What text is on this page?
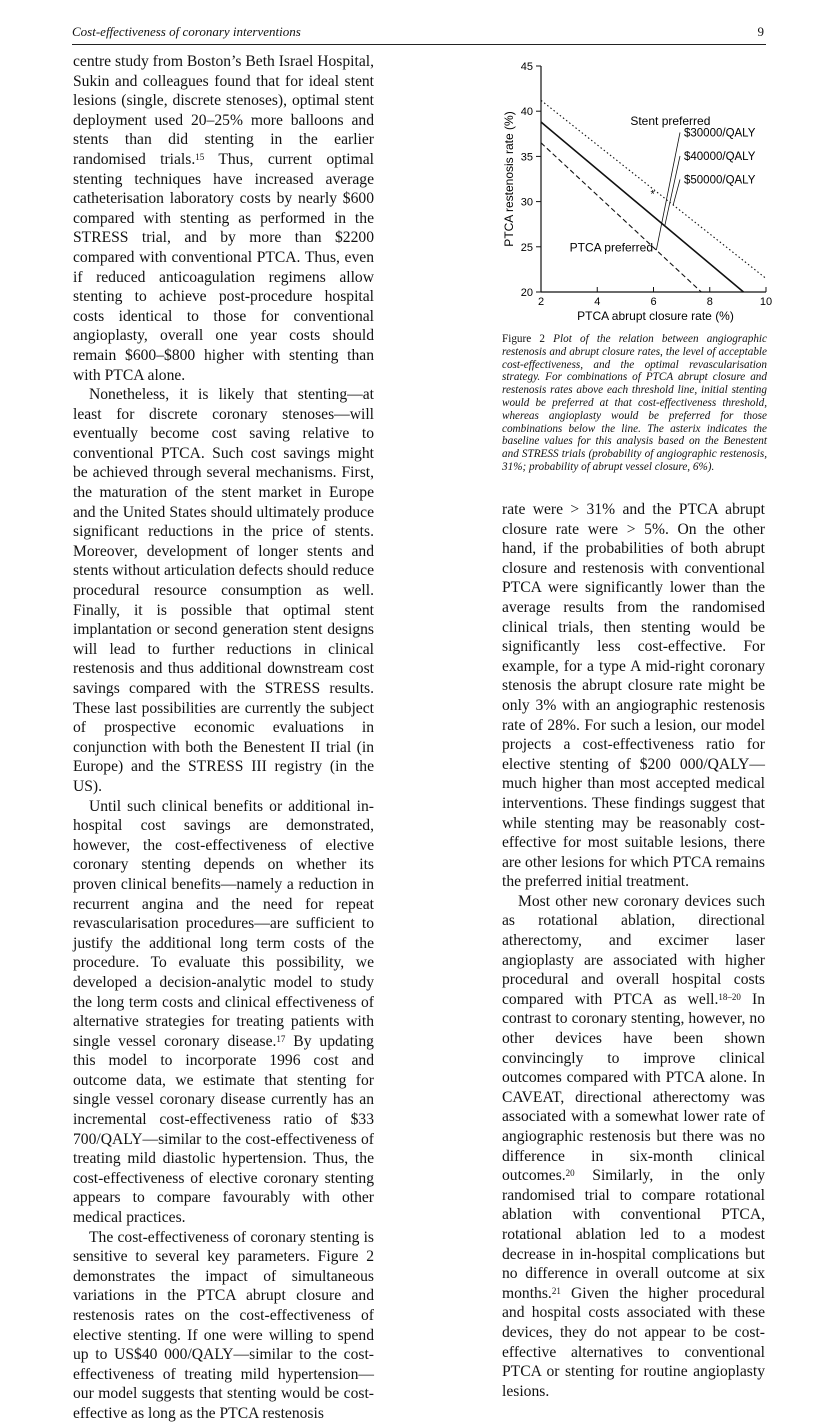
Cost-effectiveness of coronary interventions	9

centre study from Boston’s Beth Israel Hospital, Sukin and colleagues found that for ideal stent lesions (single, discrete stenoses), optimal stent deployment used 20–25% more balloons and stents than did stenting in the earlier randomised trials.$^{15}$ Thus, current optimal stenting techniques have increased average catheterisation laboratory costs by nearly $600 compared with stenting as performed in the STRESS trial, and by more than $2200 compared with conventional PTCA. Thus, even if reduced anticoagulation regimens allow stenting to achieve post-procedure hospital costs identical to those for conventional angioplasty, overall one year costs should remain $600–$800 higher with stenting than with PTCA alone.

Nonetheless, it is likely that stenting—at least for discrete coronary stenoses—will eventually become cost saving relative to conventional PTCA. Such cost savings might be achieved through several mechanisms. First, the maturation of the stent market in Europe and the United States should ultimately produce significant reductions in the price of stents. Moreover, development of longer stents and stents without articulation defects should reduce procedural resource consumption as well. Finally, it is possible that optimal stent implantation or second generation stent designs will lead to further reductions in clinical restenosis and thus additional downstream cost savings compared with the STRESS results. These last possibilities are currently the subject of prospective economic evaluations in conjunction with both the Benestent II trial (in Europe) and the STRESS III registry (in the US).

Until such clinical benefits or additional in-hospital cost savings are demonstrated, however, the cost-effectiveness of elective coronary stenting depends on whether its proven clinical benefits—namely a reduction in recurrent angina and the need for repeat revascularisation procedures—are sufficient to justify the additional long term costs of the procedure. To evaluate this possibility, we developed a decision-analytic model to study the long term costs and clinical effectiveness of alternative strategies for treating patients with single vessel coronary disease.$^{17}$ By updating this model to incorporate 1996 cost and outcome data, we estimate that stenting for single vessel coronary disease currently has an incremental cost-effectiveness ratio of $33 700/QALY—similar to the cost-effectiveness of treating mild diastolic hypertension. Thus, the cost-effectiveness of elective coronary stenting appears to compare favourably with other medical practices.

The cost-effectiveness of coronary stenting is sensitive to several key parameters. Figure 2 demonstrates the impact of simultaneous variations in the PTCA abrupt closure and restenosis rates on the cost-effectiveness of elective stenting. If one were willing to spend up to US$40 000/QALY—similar to the cost-effectiveness of treating mild hypertension—our model suggests that stenting would be cost-effective as long as the PTCA restenosis

20
25
30
35
40
45
2	4	6	8	10
PTCA abrupt closure rate (%)
PTCA restenosis rate (%)	$30000/QALY
$40000/QALY
$50000/QALY
*
Stent preferred
PTCA preferred
Figure 2 Plot of the relation between angiographic restenosis and abrupt closure rates, the level of acceptable cost-effectiveness, and the optimal revascularisation strategy. For combinations of PTCA abrupt closure and restenosis rates above each threshold line, initial stenting would be preferred at that cost-effectiveness threshold, whereas angioplasty would be preferred for those combinations below the line. The asterix indicates the baseline values for this analysis based on the Benestent and STRESS trials (probability of angiographic restenosis, 31%; probability of abrupt vessel closure, 6%).

rate were > 31% and the PTCA abrupt closure rate were > 5%. On the other hand, if the probabilities of both abrupt closure and restenosis with conventional PTCA were significantly lower than the average results from the randomised clinical trials, then stenting would be significantly less cost-effective. For example, for a type A mid-right coronary stenosis the abrupt closure rate might be only 3% with an angiographic restenosis rate of 28%. For such a lesion, our model projects a cost-effectiveness ratio for elective stenting of $200 000/QALY—much higher than most accepted medical interventions. These findings suggest that while stenting may be reasonably cost-effective for most suitable lesions, there are other lesions for which PTCA remains the preferred initial treatment.

Most other new coronary devices such as rotational ablation, directional atherectomy, and excimer laser angioplasty are associated with higher procedural and overall hospital costs compared with PTCA as well.$^{18-20}$ In contrast to coronary stenting, however, no other devices have been shown convincingly to improve clinical outcomes compared with PTCA alone. In CAVEAT, directional atherectomy was associated with a somewhat lower rate of angiographic restenosis but there was no difference in six-month clinical outcomes.$^{20}$ Similarly, in the only randomised trial to compare rotational ablation with conventional PTCA, rotational ablation led to a modest decrease in in-hospital complications but no difference in overall outcome at six months.$^{21}$ Given the higher procedural and hospital costs associated with these devices, they do not appear to be cost-effective alternatives to conventional PTCA or stenting for routine angioplasty lesions.
